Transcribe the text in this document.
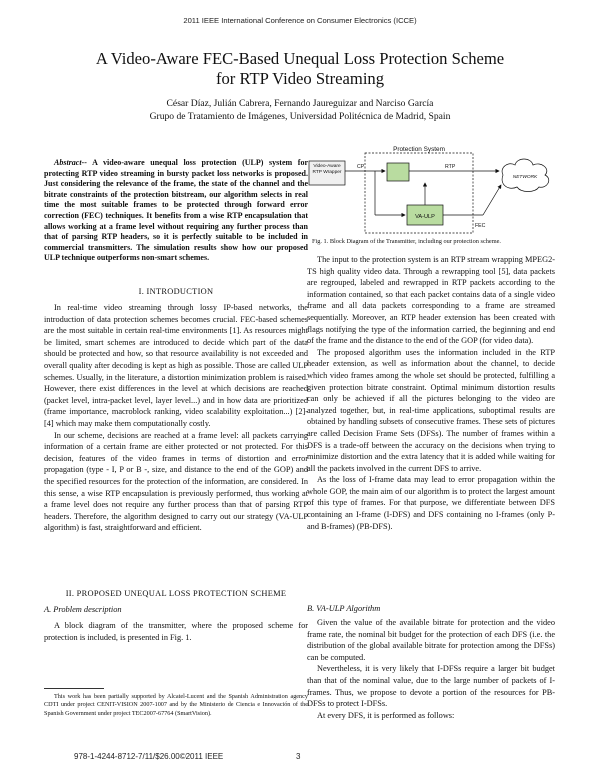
2011 IEEE International Conference on Consumer Electronics (ICCE)
A Video-Aware FEC-Based Unequal Loss Protection Scheme
for RTP Video Streaming
César Díaz, Julián Cabrera, Fernando Jaureguizar and Narciso García
Grupo de Tratamiento de Imágenes, Universidad Politécnica de Madrid, Spain

Abstract-- A video-aware unequal loss protection (ULP) system for protecting RTP video streaming in bursty packet loss networks is proposed. Just considering the relevance of the frame, the state of the channel and the bitrate constraints of the protection bitstream, our algorithm selects in real time the most suitable frames to be protected through forward error correction (FEC) techniques. It benefits from a wise RTP encapsulation that allows working at a frame level without requiring any further process than that of parsing RTP headers, so it is perfectly suitable to be included in commercial transmitters. The simulation results show how our proposed ULP technique outperforms non-smart schemes.

I. INTRODUCTION

In real-time video streaming through lossy IP-based networks, the introduction of data protection schemes becomes crucial. FEC-based schemes are the most suitable in certain real-time environments [1]. As resources might be limited, smart schemes are introduced to decide which part of the data should be protected and how, so that resource availability is not exceeded and overall quality after decoding is kept as high as possible. Those are called ULP schemes. Usually, in the literature, a distortion minimization problem is raised. However, there exist differences in the level at which decisions are reached (packet level, intra-packet level, layer level...) and in how data are prioritized (frame importance, macroblock ranking, video scalability exploitation...) [2]-[4] which may make them computationally costly.

In our scheme, decisions are reached at a frame level: all packets carrying information of a certain frame are either protected or not protected. For this decision, features of the video frames in terms of distortion and error propagation (type - I, P or B -, size, and distance to the end of the GOP) and the specified resources for the protection of the information, are considered. In this sense, a wise RTP encapsulation is previously performed, thus working at a frame level does not require any further process than that of parsing RTP headers. Therefore, the algorithm designed to carry out our strategy (VA-ULP algorithm) is fast, straightforward and efficient.

II. PROPOSED UNEQUAL LOSS PROTECTION SCHEME
A. Problem description

A block diagram of the transmitter, where the proposed scheme for protection is included, is presented in Fig. 1.

This work has been partially supported by Alcatel-Lucent and the Spanish Administration agency CDTI under project CENIT-VISION 2007-1007 and by the Ministerio de Ciencia e Innovación of the Spanish Government under project TEC2007-67764 (SmartVision).

Protection System
Video-Aware RTP Wrapper
CP	RTP
VA-ULP
FEC
NETWORK
Fig. 1. Block Diagram of the Transmitter, including our protection scheme.

The input to the protection system is an RTP stream wrapping MPEG2-TS high quality video data. Through a rewrapping tool [5], data packets are regrouped, labeled and rewrapped in RTP packets according to the information contained, so that each packet contains data of a single video frame and all data packets corresponding to a frame are streamed sequentially. Moreover, an RTP header extension has been created with flags notifying the type of the information carried, the beginning and end of the frame and the distance to the end of the GOP (for video data).

The proposed algorithm uses the information included in the RTP header extension, as well as information about the channel, to decide which video frames among the whole set should be protected, fulfilling a given protection bitrate constraint. Optimal minimum distortion results can only be achieved if all the pictures belonging to the video are analyzed together, but, in real-time applications, suboptimal results are obtained by handling subsets of consecutive frames. These sets of pictures are called Decision Frame Sets (DFSs). The number of frames within a DFS is a trade-off between the accuracy on the decisions when trying to minimize distortion and the extra latency that it is added while waiting for all the packets involved in the current DFS to arrive.

As the loss of I-frame data may lead to error propagation within the whole GOP, the main aim of our algorithm is to protect the largest amount of this type of frames. For that purpose, we differentiate between DFS containing an I-frame (I-DFS) and DFS containing no I-frames (only P- and B-frames) (PB-DFS).

B. VA-ULP Algorithm

Given the value of the available bitrate for protection and the video frame rate, the nominal bit budget for the protection of each DFS (i.e. the distribution of the global available bitrate for protection among the DFSs) can be computed.

Nevertheless, it is very likely that I-DFSs require a larger bit budget than that of the nominal value, due to the large number of packets of I-frames. Thus, we propose to devote a portion of the resources for PB-DFSs to protect I-DFSs.

At every DFS, it is performed as follows:

978-1-4244-8712-7/11/$26.00©2011 IEEE	3
